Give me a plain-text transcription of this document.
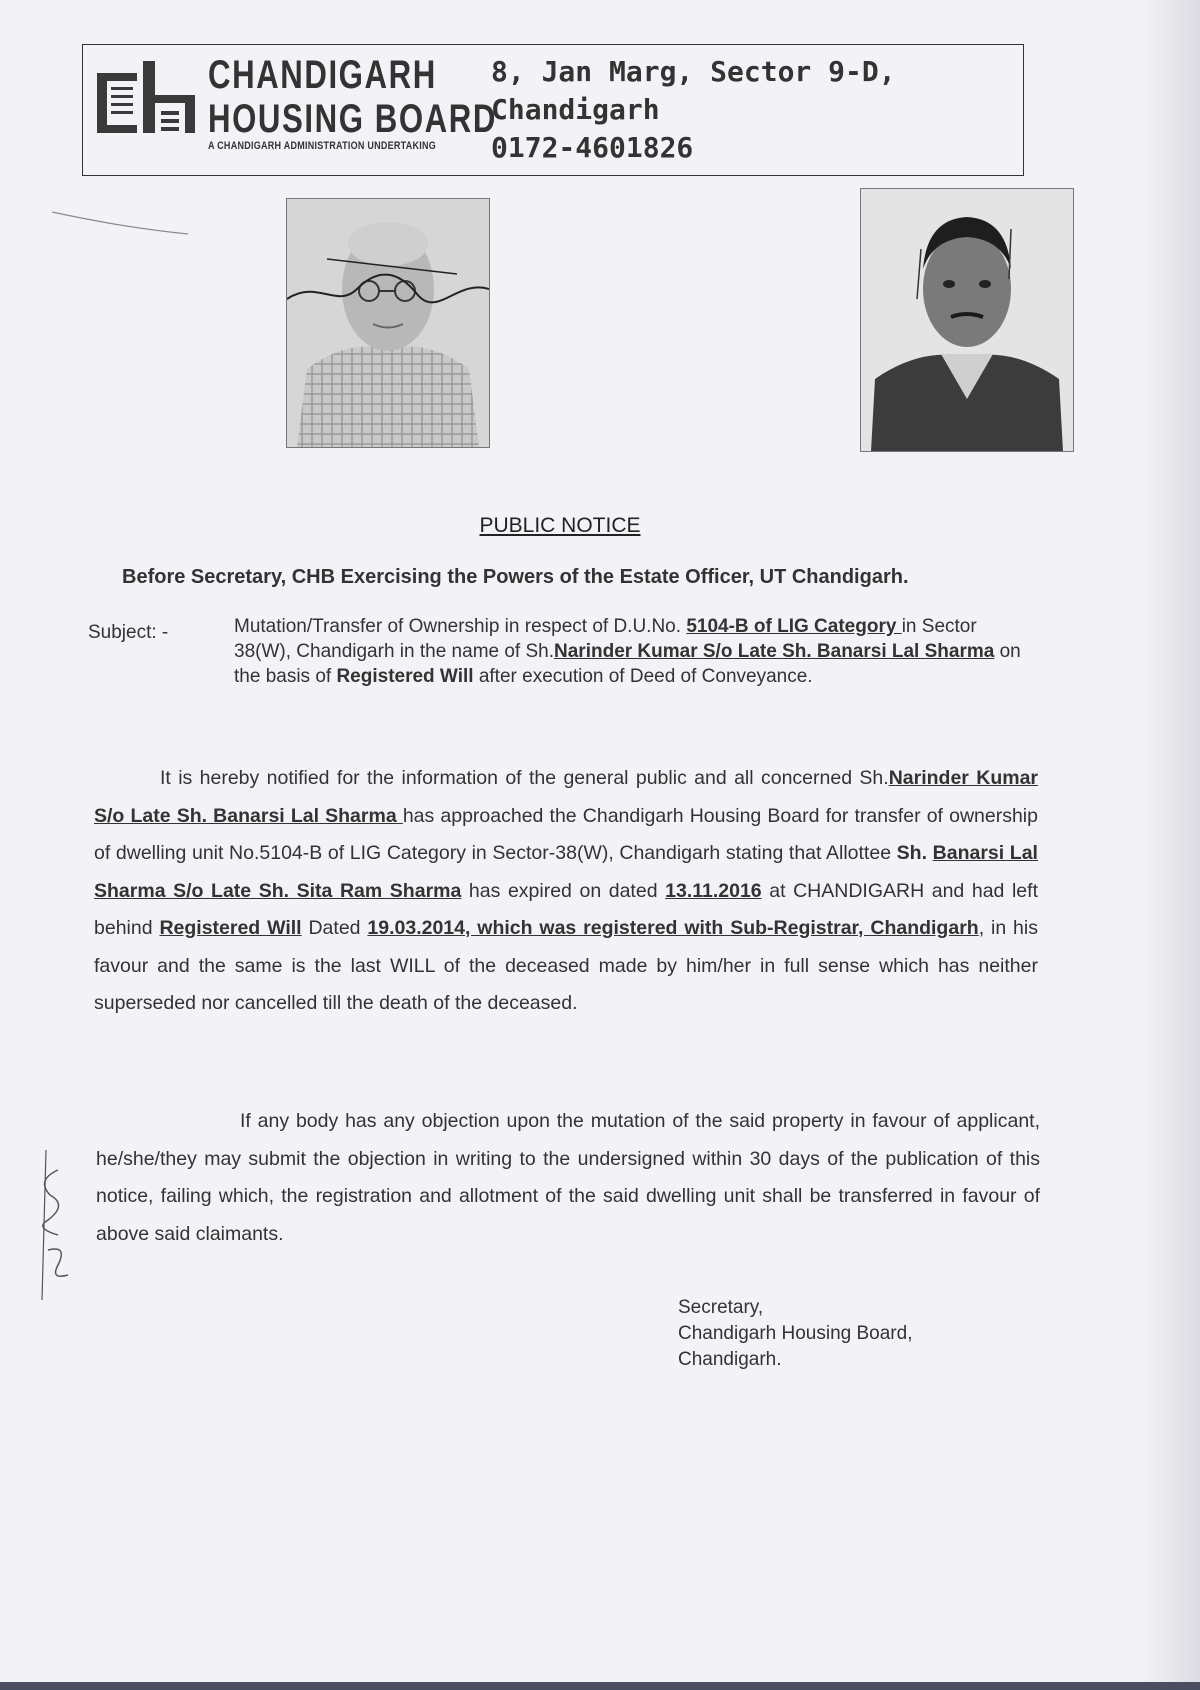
CHANDIGARH
HOUSING BOARD
A CHANDIGARH ADMINISTRATION UNDERTAKING
8, Jan Marg, Sector 9-D,
Chandigarh
0172-4601826
PUBLIC NOTICE
Before Secretary, CHB Exercising the Powers of the Estate Officer, UT Chandigarh.
Subject: -	Mutation/Transfer of Ownership in respect of D.U.No. 5104-B of LIG Category in Sector 38(W), Chandigarh in the name of Sh.Narinder Kumar S/o Late Sh. Banarsi Lal Sharma on the basis of Registered Will after execution of Deed of Conveyance.
It is hereby notified for the information of the general public and all concerned Sh.Narinder Kumar S/o Late Sh. Banarsi Lal Sharma has approached the Chandigarh Housing Board for transfer of ownership of dwelling unit No.5104-B of LIG Category in Sector-38(W), Chandigarh stating that Allottee Sh. Banarsi Lal Sharma S/o Late Sh. Sita Ram Sharma has expired on dated 13.11.2016 at CHANDIGARH and had left behind Registered Will Dated 19.03.2014, which was registered with Sub-Registrar, Chandigarh, in his favour and the same is the last WILL of the deceased made by him/her in full sense which has neither superseded nor cancelled till the death of the deceased.
If any body has any objection upon the mutation of the said property in favour of applicant, he/she/they may submit the objection in writing to the undersigned within 30 days of the publication of this notice, failing which, the registration and allotment of the said dwelling unit shall be transferred in favour of above said claimants.
Secretary,
Chandigarh Housing Board,
Chandigarh.
